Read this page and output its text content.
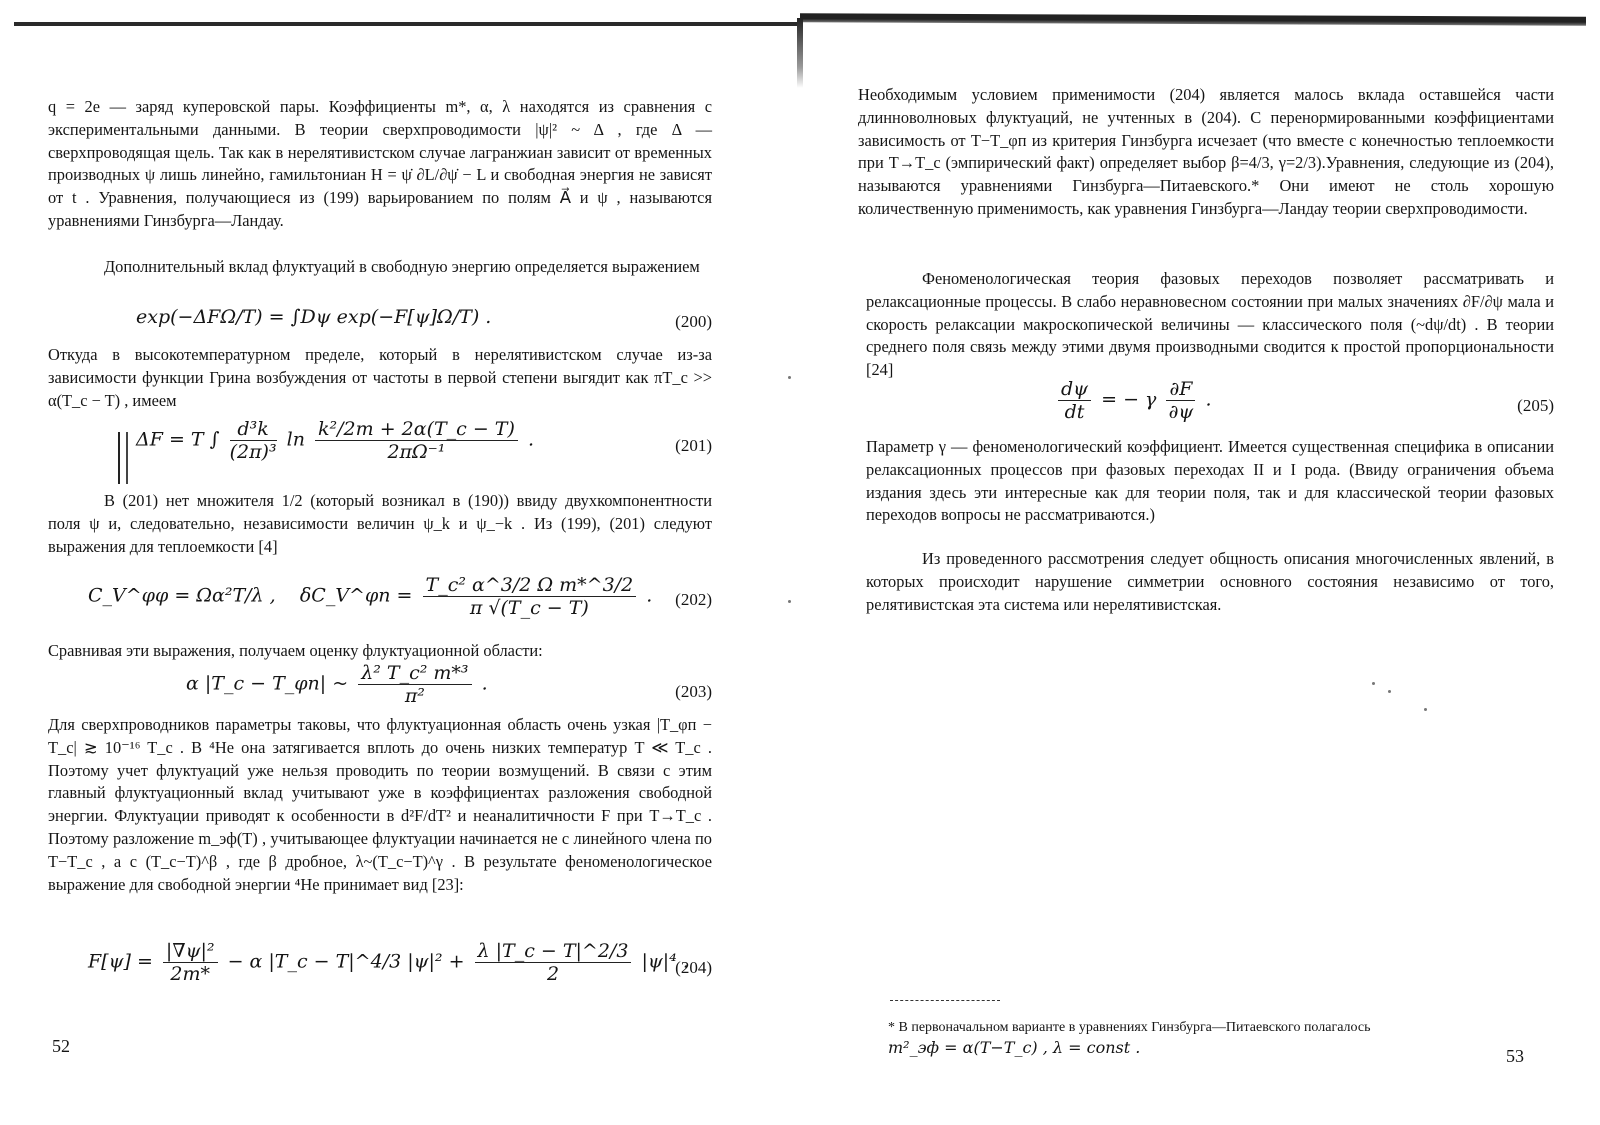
q = 2e — заряд куперовской пары. Коэффициенты m*, α, λ находятся из сравнения с экспериментальными данными. В теории сверхпроводимости |ψ|² ~ Δ , где Δ — сверхпроводящая щель. Так как в нерелятивистском случае лагранжиан зависит от временных производных ψ лишь линейно, гамильтониан H = ψ̇ ∂L/∂ψ̇ − L и свободная энергия не зависят от t . Уравнения, получающиеся из (199) варьированием по полям A⃗ и ψ , называются уравнениями Гинзбурга—Ландау.

Дополнительный вклад флуктуаций в свободную энергию определяется выражением

exp(−ΔFΩ/T) = ∫Dψ exp(−F[ψ]Ω/T) .	(200)

Откуда в высокотемпературном пределе, который в нерелятивистском случае из-за зависимости функции Грина возбуждения от частоты в первой степени выгядит как πT_c >> α(T_c − T) , имеем

ΔF = T ∫ $\frac{\text{d³k}}{\text{(2π)³}}$ $\ln \frac{\text{k²/2m + 2α(T\_c − T)}}{\text{2πΩ⁻¹}}$ .	(201)

В (201) нет множителя 1/2 (который возникал в (190)) ввиду двухкомпонентности поля ψ и, следовательно, независимости величин ψ_k и ψ_−k . Из (199), (201) следуют выражения для теплоемкости [4]

C_V^φφ = Ωα²T/λ , δC_V^φп = $\frac{\text{T\_c² α\textasciicircum{}3/2 Ω m*\textasciicircum{}3/2}}{\pi √(T\_c - T)}$ . (202)

Сравнивая эти выражения, получаем оценку флуктуационной области:

α |T_c − T_φп| ~ $\frac{\text{λ² T\_c² m*³}}{\text{π²}}$ .	(203)

Для сверхпроводников параметры таковы, что флуктуационная область очень узкая |T_φп − T_c| ≳ 10⁻¹⁶ T_c . В ⁴He она затягивается вплоть до очень низких температур T ≪ T_c . Поэтому учет флуктуаций уже нельзя проводить по теории возмущений. В связи с этим главный флуктуационный вклад учитывают уже в коэффициентах разложения свободной энергии. Флуктуации приводят к особенности в d²F/dT² и неаналитичности F при T→T_c . Поэтому разложение m_эф(T) , учитывающее флуктуации начинается не с линейного члена по T−T_c , а с (T_c−T)^β , где β дробное, λ~(T_c−T)^γ . В результате феноменологическое выражение для свободной энергии ⁴He принимает вид [23]:

$F[\psi] = \frac{\text{|∇ψ|²}}{2m*} - \alpha$ |T_c − T|^4/3 $|\psi|^2 + \frac{\lambda |T\_c - T|\^{}2/3}{2} |\psi|^4$ .
(204)
52

Необходимым условием применимости (204) является малось вклада оставшейся части длинноволновых флуктуаций, не учтенных в (204). С перенормированными коэффициентами зависимость от T−T_φп из критерия Гинзбурга исчезает (что вместе с конечностью теплоемкости при T→T_c (эмпирический факт) определяет выбор β=4/3, γ=2/3).Уравнения, следующие из (204), называются уравнениями Гинзбурга—Питаевского.* Они имеют не столь хорошую количественную применимость, как уравнения Гинзбурга—Ландау теории сверхпроводимости.

Феноменологическая теория фазовых переходов позволяет рассматривать и релаксационные процессы. В слабо неравновесном состоянии при малых значениях ∂F/∂ψ мала и скорость релаксации макроскопической величины — классического поля (~dψ/dt) . В теории среднего поля связь между этими двумя производными сводится к простой пропорциональности [24]

$\frac{d\psi}{dt}$ = − γ $\frac{\partial F}{\partial\psi}$ .	(205)

Параметр γ — феноменологический коэффициент. Имеется существенная специфика в описании релаксационных процессов при фазовых переходах II и I рода. (Ввиду ограничения объема издания здесь эти интересные как для теории поля, так и для классической теории фазовых переходов вопросы не рассматриваются.)

Из проведенного рассмотрения следует общность описания многочисленных явлений, в которых происходит нарушение симметрии основного состояния независимо от того, релятивистская эта система или нерелятивистская.

53
* В первоначальном варианте в уравнениях Гинзбурга—Питаевского полагалось
m²_эф = α(T−T_c) , λ = const .
